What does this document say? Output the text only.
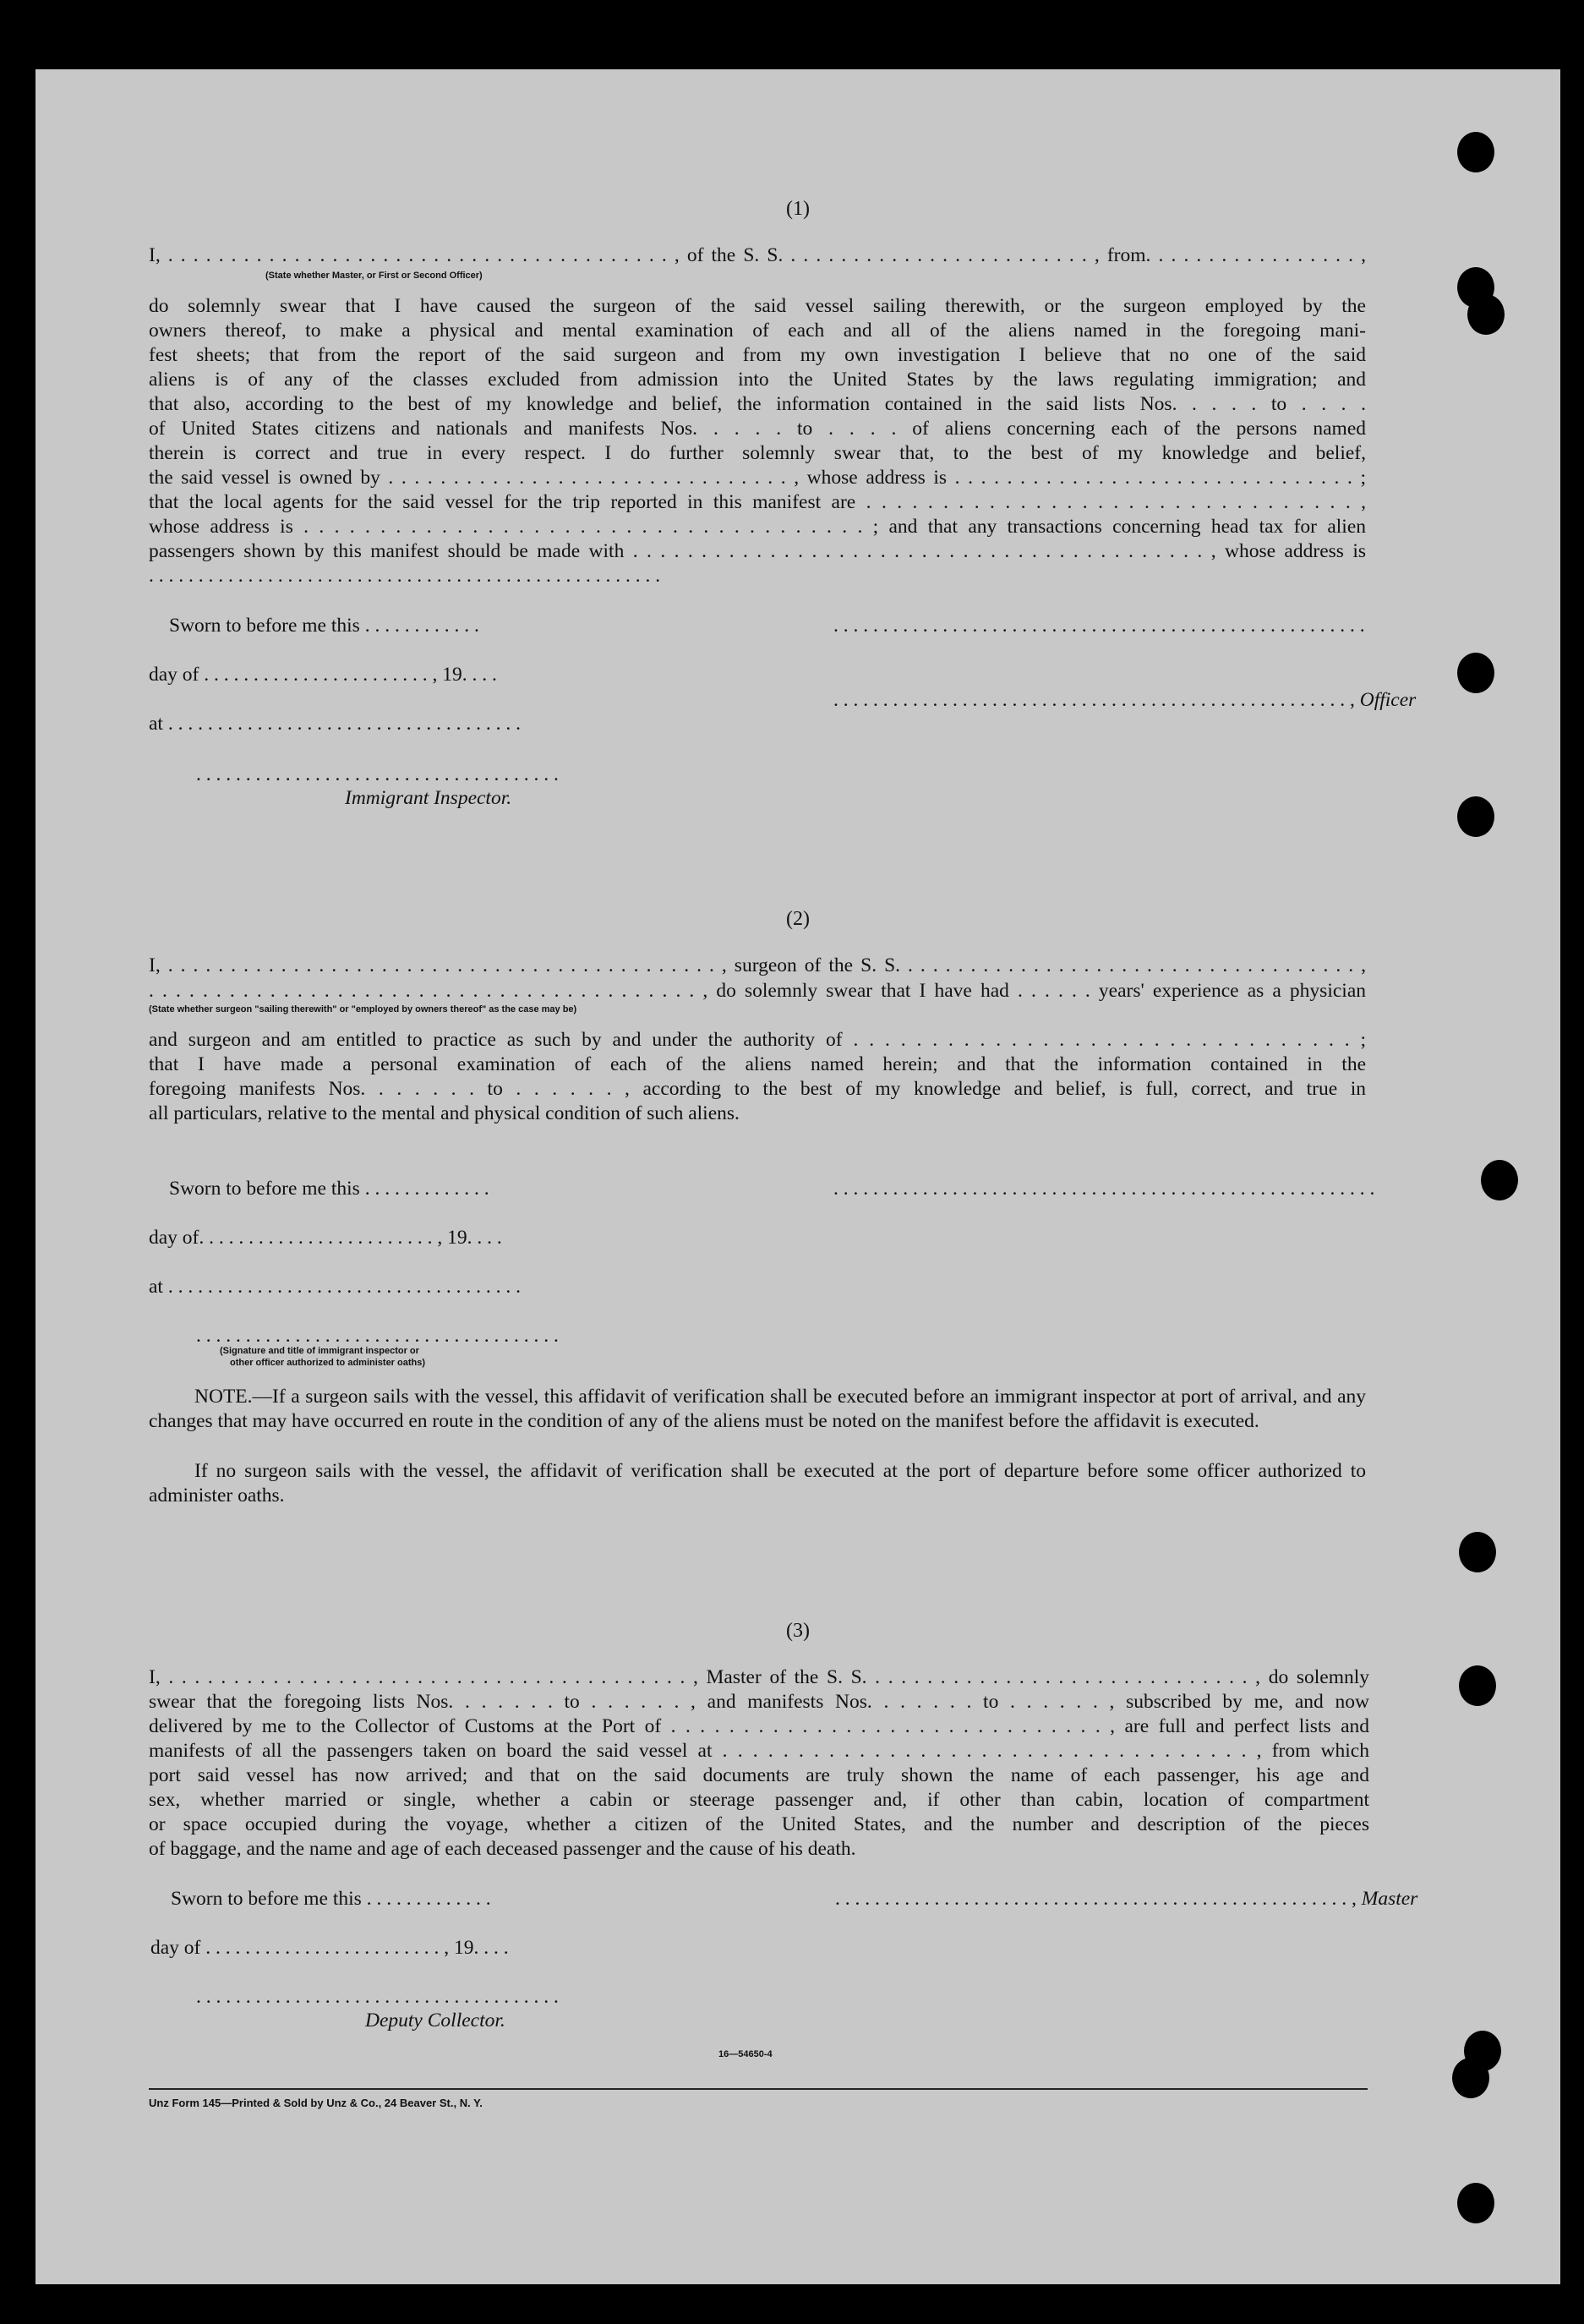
(1)
I, . . . . . . . . . . . . . . . . . . . . . . . . . . . . . . . . . . . . . . . . , of the S. S. . . . . . . . . . . . . . . . . . . . . . . . . , from. . . . . . . . . . . . . . . . . ,
(State whether Master, or First or Second Officer)
do solemnly swear that I have caused the surgeon of the said vessel sailing therewith, or the surgeon employed by the
owners thereof, to make a physical and mental examination of each and all of the aliens named in the foregoing mani-
fest sheets; that from the report of the said surgeon and from my own investigation I believe that no one of the said
aliens is of any of the classes excluded from admission into the United States by the laws regulating immigration; and
that also, according to the best of my knowledge and belief, the information contained in the said lists Nos. . . . . to . . . .
of United States citizens and nationals and manifests Nos. . . . . to . . . . of aliens concerning each of the persons named
therein is correct and true in every respect. I do further solemnly swear that, to the best of my knowledge and belief,
the said vessel is owned by . . . . . . . . . . . . . . . . . . . . . . . . . . . . . . . , whose address is . . . . . . . . . . . . . . . . . . . . . . . . . . . . . . . ;
that the local agents for the said vessel for the trip reported in this manifest are . . . . . . . . . . . . . . . . . . . . . . . . . . . . . . . . ,
whose address is . . . . . . . . . . . . . . . . . . . . . . . . . . . . . . . . . . . . . ; and that any transactions concerning head tax for alien
passengers shown by this manifest should be made with . . . . . . . . . . . . . . . . . . . . . . . . . . . . . . . . . . . . . . . . . . , whose address is
. . . . . . . . . . . . . . . . . . . . . . . . . . . . . . . . . . . . . . . . . . . . . . . . . . . .
Sworn to before me this . . . . . . . . . . . .	. . . . . . . . . . . . . . . . . . . . . . . . . . . . . . . . . . . . . . . . . . . . . . . . . . . . . .
day of . . . . . . . . . . . . . . . . . . . . . . . , 19. . . .
. . . . . . . . . . . . . . . . . . . . . . . . . . . . . . . . . . . . . . . . . . . . . . . . . . . . , Officer
at . . . . . . . . . . . . . . . . . . . . . . . . . . . . . . . . . . . .
. . . . . . . . . . . . . . . . . . . . . . . . . . . . . . . . . . . . .
Immigrant Inspector.
(2)
I, . . . . . . . . . . . . . . . . . . . . . . . . . . . . . . . . . . . . . . . . . . . . , surgeon of the S. S. . . . . . . . . . . . . . . . . . . . . . . . . . . . . . . . . . . . . ,
. . . . . . . . . . . . . . . . . . . . . . . . . . . . . . . . . . . . . . . . . , do solemnly swear that I have had . . . . . . years' experience as a physician
(State whether surgeon "sailing therewith" or "employed by owners thereof" as the case may be)
and surgeon and am entitled to practice as such by and under the authority of . . . . . . . . . . . . . . . . . . . . . . . . . . . . . . . . ;
that I have made a personal examination of each of the aliens named herein; and that the information contained in the
foregoing manifests Nos. . . . . . . to . . . . . . , according to the best of my knowledge and belief, is full, correct, and true in
all particulars, relative to the mental and physical condition of such aliens.
Sworn to before me this . . . . . . . . . . . . .	. . . . . . . . . . . . . . . . . . . . . . . . . . . . . . . . . . . . . . . . . . . . . . . . . . . . . . .
day of. . . . . . . . . . . . . . . . . . . . . . . . , 19. . . .
at . . . . . . . . . . . . . . . . . . . . . . . . . . . . . . . . . . . .
. . . . . . . . . . . . . . . . . . . . . . . . . . . . . . . . . . . . .
(Signature and title of immigrant inspector or
other officer authorized to administer oaths)
NOTE.—If a surgeon sails with the vessel, this affidavit of verification shall be executed before an immigrant inspector at port of arrival, and any changes that may have occurred en route in the condition of any of the aliens must be noted on the manifest before the affidavit is executed.
If no surgeon sails with the vessel, the affidavit of verification shall be executed at the port of departure before some officer authorized to administer oaths.
(3)
I, . . . . . . . . . . . . . . . . . . . . . . . . . . . . . . . . . . . . . . . . , Master of the S. S. . . . . . . . . . . . . . . . . . . . . . . . . . . . . . , do solemnly
swear that the foregoing lists Nos. . . . . . . to . . . . . . , and manifests Nos. . . . . . . to . . . . . . , subscribed by me, and now
delivered by me to the Collector of Customs at the Port of . . . . . . . . . . . . . . . . . . . . . . . . . . . . . . , are full and perfect lists and
manifests of all the passengers taken on board the said vessel at . . . . . . . . . . . . . . . . . . . . . . . . . . . . . . . . . . . , from which
port said vessel has now arrived; and that on the said documents are truly shown the name of each passenger, his age and
sex, whether married or single, whether a cabin or steerage passenger and, if other than cabin, location of compartment
or space occupied during the voyage, whether a citizen of the United States, and the number and description of the pieces
of baggage, and the name and age of each deceased passenger and the cause of his death.
Sworn to before me this . . . . . . . . . . . . .	. . . . . . . . . . . . . . . . . . . . . . . . . . . . . . . . . . . . . . . . . . . . . . . . . . . . , Master
day of . . . . . . . . . . . . . . . . . . . . . . . . , 19. . . .
. . . . . . . . . . . . . . . . . . . . . . . . . . . . . . . . . . . . .
Deputy Collector.
16—54650-4
Unz Form 145—Printed & Sold by Unz & Co., 24 Beaver St., N. Y.
